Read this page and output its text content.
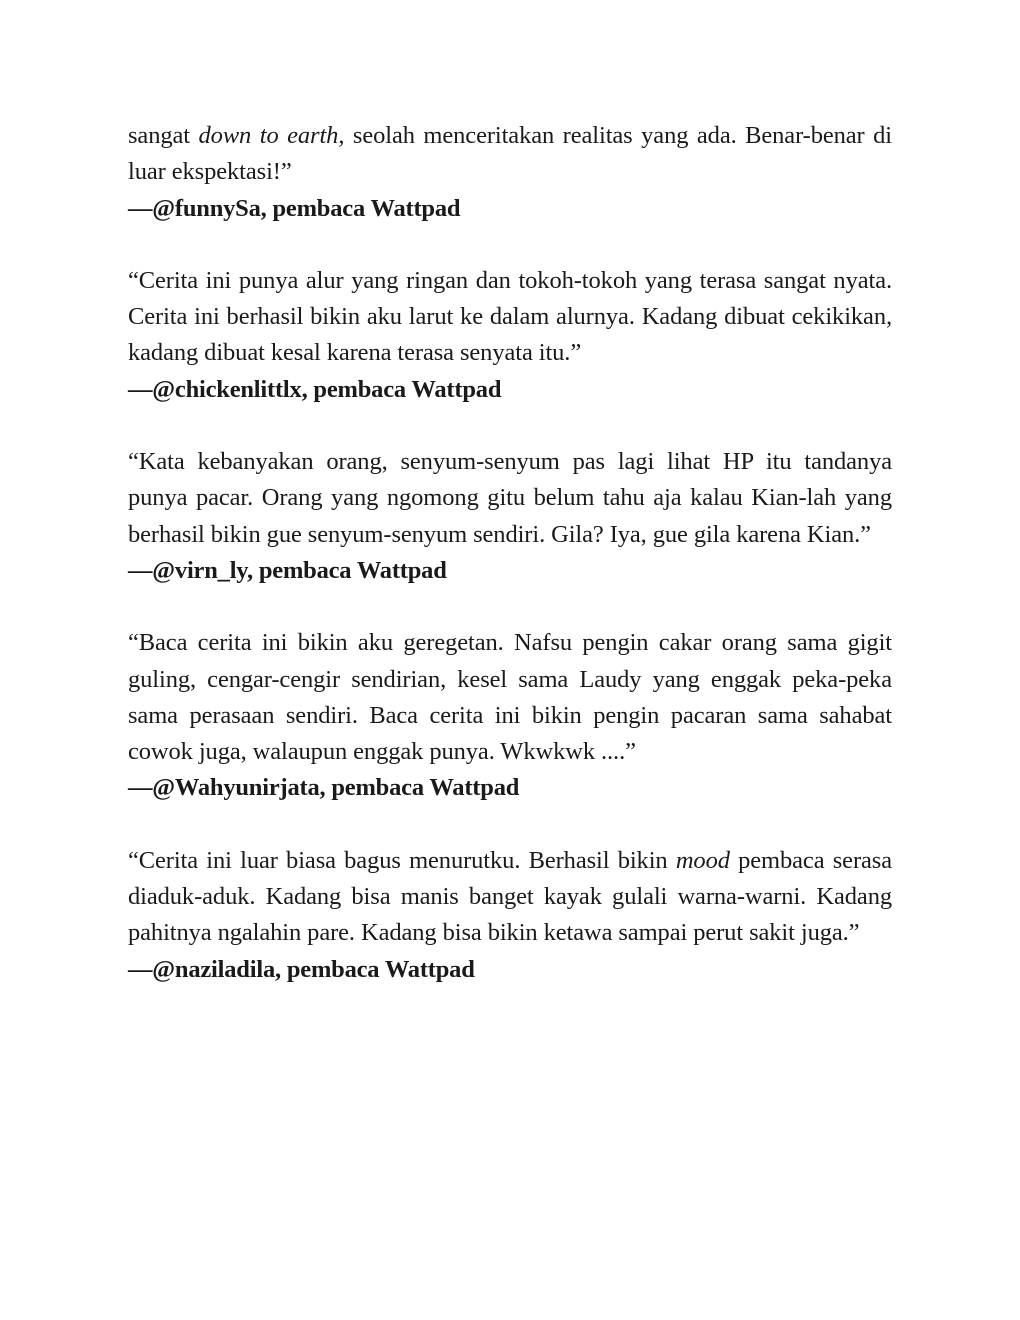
sangat down to earth, seolah menceritakan realitas yang ada. Benar-benar di luar ekspektasi!”

—@funnySa, pembaca Wattpad

“Cerita ini punya alur yang ringan dan tokoh-tokoh yang terasa sangat nyata. Cerita ini berhasil bikin aku larut ke dalam alurnya. Kadang dibuat cekikikan, kadang dibuat kesal karena terasa senyata itu.”

—@chickenlittlx, pembaca Wattpad

“Kata kebanyakan orang, senyum-senyum pas lagi lihat HP itu tandanya punya pacar. Orang yang ngomong gitu belum tahu aja kalau Kian-lah yang berhasil bikin gue senyum-senyum sendiri. Gila? Iya, gue gila karena Kian.”

—@virn_ly, pembaca Wattpad

“Baca cerita ini bikin aku geregetan. Nafsu pengin cakar orang sama gigit guling, cengar-cengir sendirian, kesel sama Laudy yang enggak peka-peka sama perasaan sendiri. Baca cerita ini bikin pengin pacaran sama sahabat cowok juga, walaupun enggak punya. Wkwkwk ....”

—@Wahyunirjata, pembaca Wattpad

“Cerita ini luar biasa bagus menurutku. Berhasil bikin mood pembaca serasa diaduk-aduk. Kadang bisa manis banget kayak gulali warna-warni. Kadang pahitnya ngalahin pare. Kadang bisa bikin ketawa sampai perut sakit juga.”

—@naziladila, pembaca Wattpad
